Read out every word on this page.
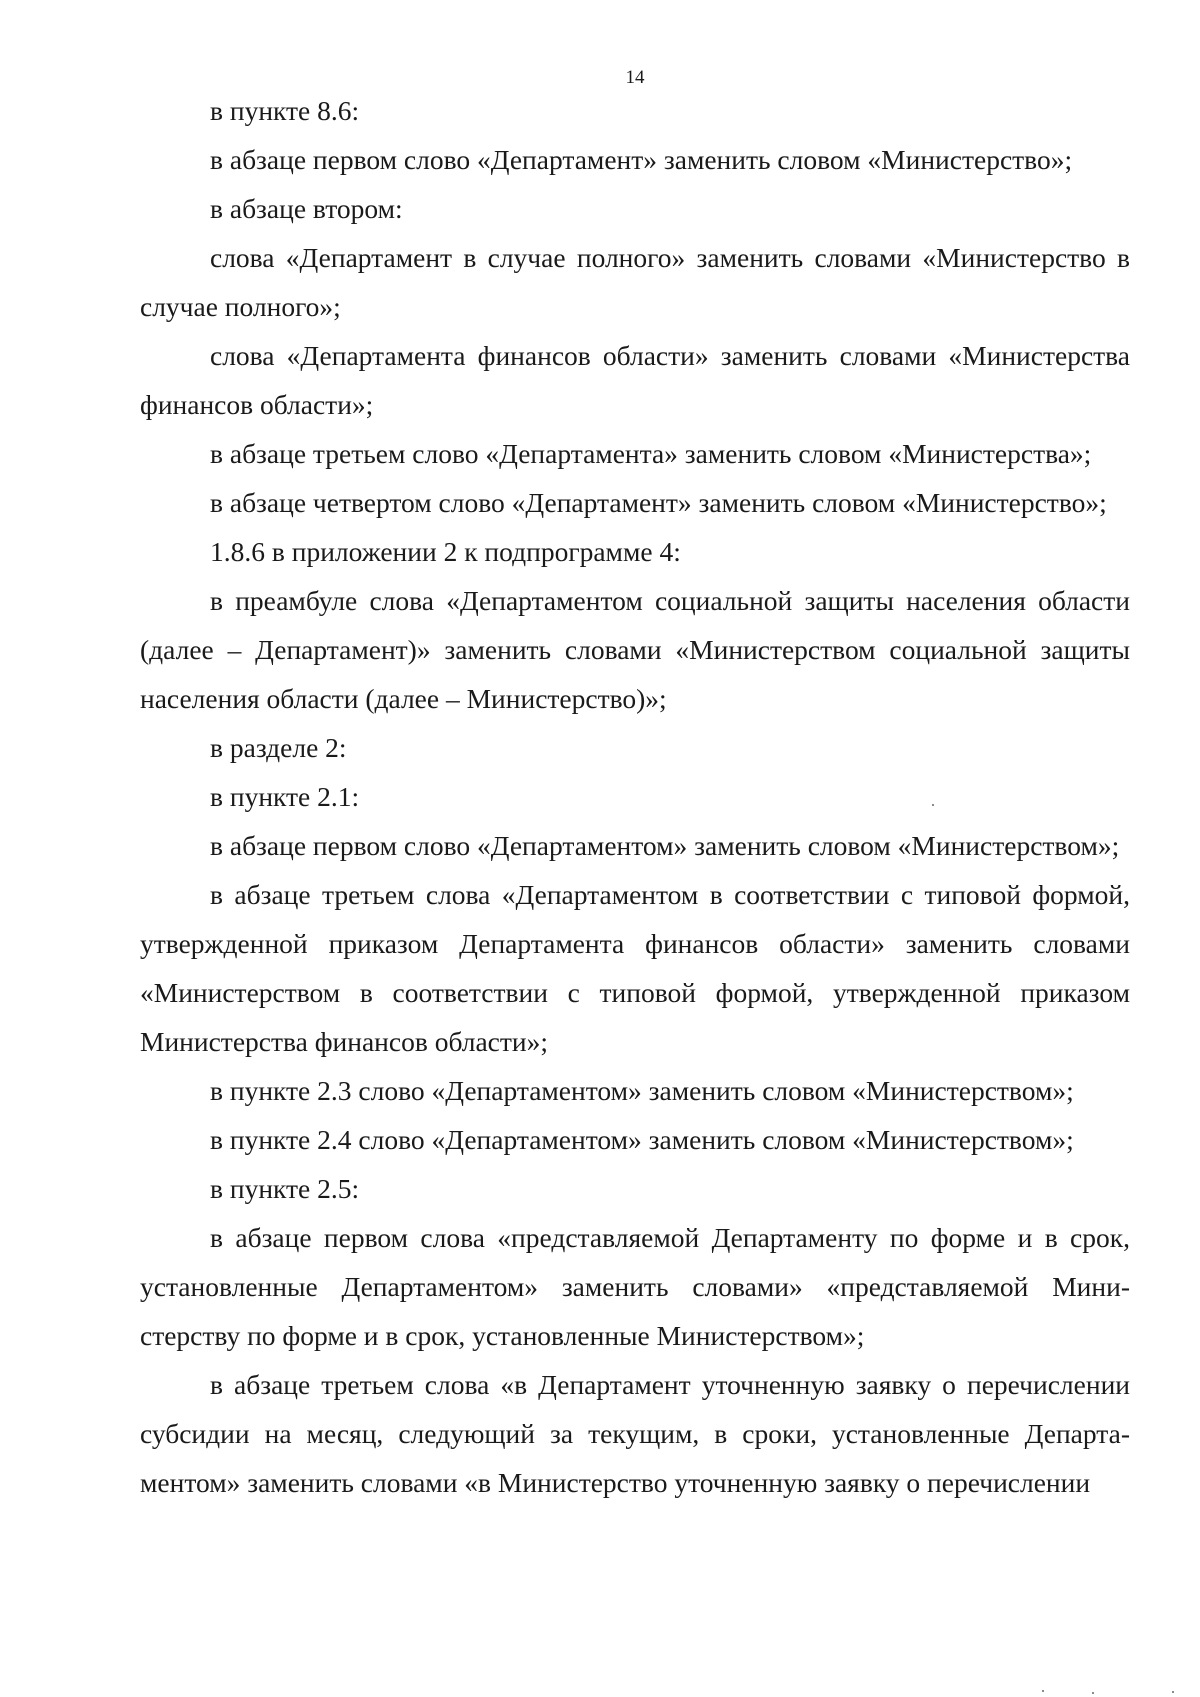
14

в пункте 8.6:

в абзаце первом слово «Департамент» заменить словом «Министерство»;

в абзаце втором:

слова «Департамент в случае полного» заменить словами «Министерство в случае полного»;

слова «Департамента финансов области» заменить словами «Министерства финансов области»;

в абзаце третьем слово «Департамента» заменить словом «Министерства»;

в абзаце четвертом слово «Департамент» заменить словом «Министерство»;

1.8.6 в приложении 2 к подпрограмме 4:

в преамбуле слова «Департаментом социальной защиты населения области (далее – Департамент)» заменить словами «Министерством социальной защиты населения области (далее – Министерство)»;

в разделе 2:

в пункте 2.1:

в абзаце первом слово «Департаментом» заменить словом «Министерством»;

в абзаце третьем слова «Департаментом в соответствии с типовой формой, утвержденной приказом Департамента финансов области» заменить словами «Министерством в соответствии с типовой формой, утвержденной приказом Министерства финансов области»;

в пункте 2.3 слово «Департаментом» заменить словом «Министерством»;

в пункте 2.4 слово «Департаментом» заменить словом «Министерством»;

в пункте 2.5:

в абзаце первом слова «представляемой Департаменту по форме и в срок, установленные Департаментом» заменить словами» «представляемой Министерству по форме и в срок, установленные Министерством»;

в абзаце третьем слова «в Департамент уточненную заявку о перечислении субсидии на месяц, следующий за текущим, в сроки, установленные Департаментом» заменить словами «в Министерство уточненную заявку о перечислении
